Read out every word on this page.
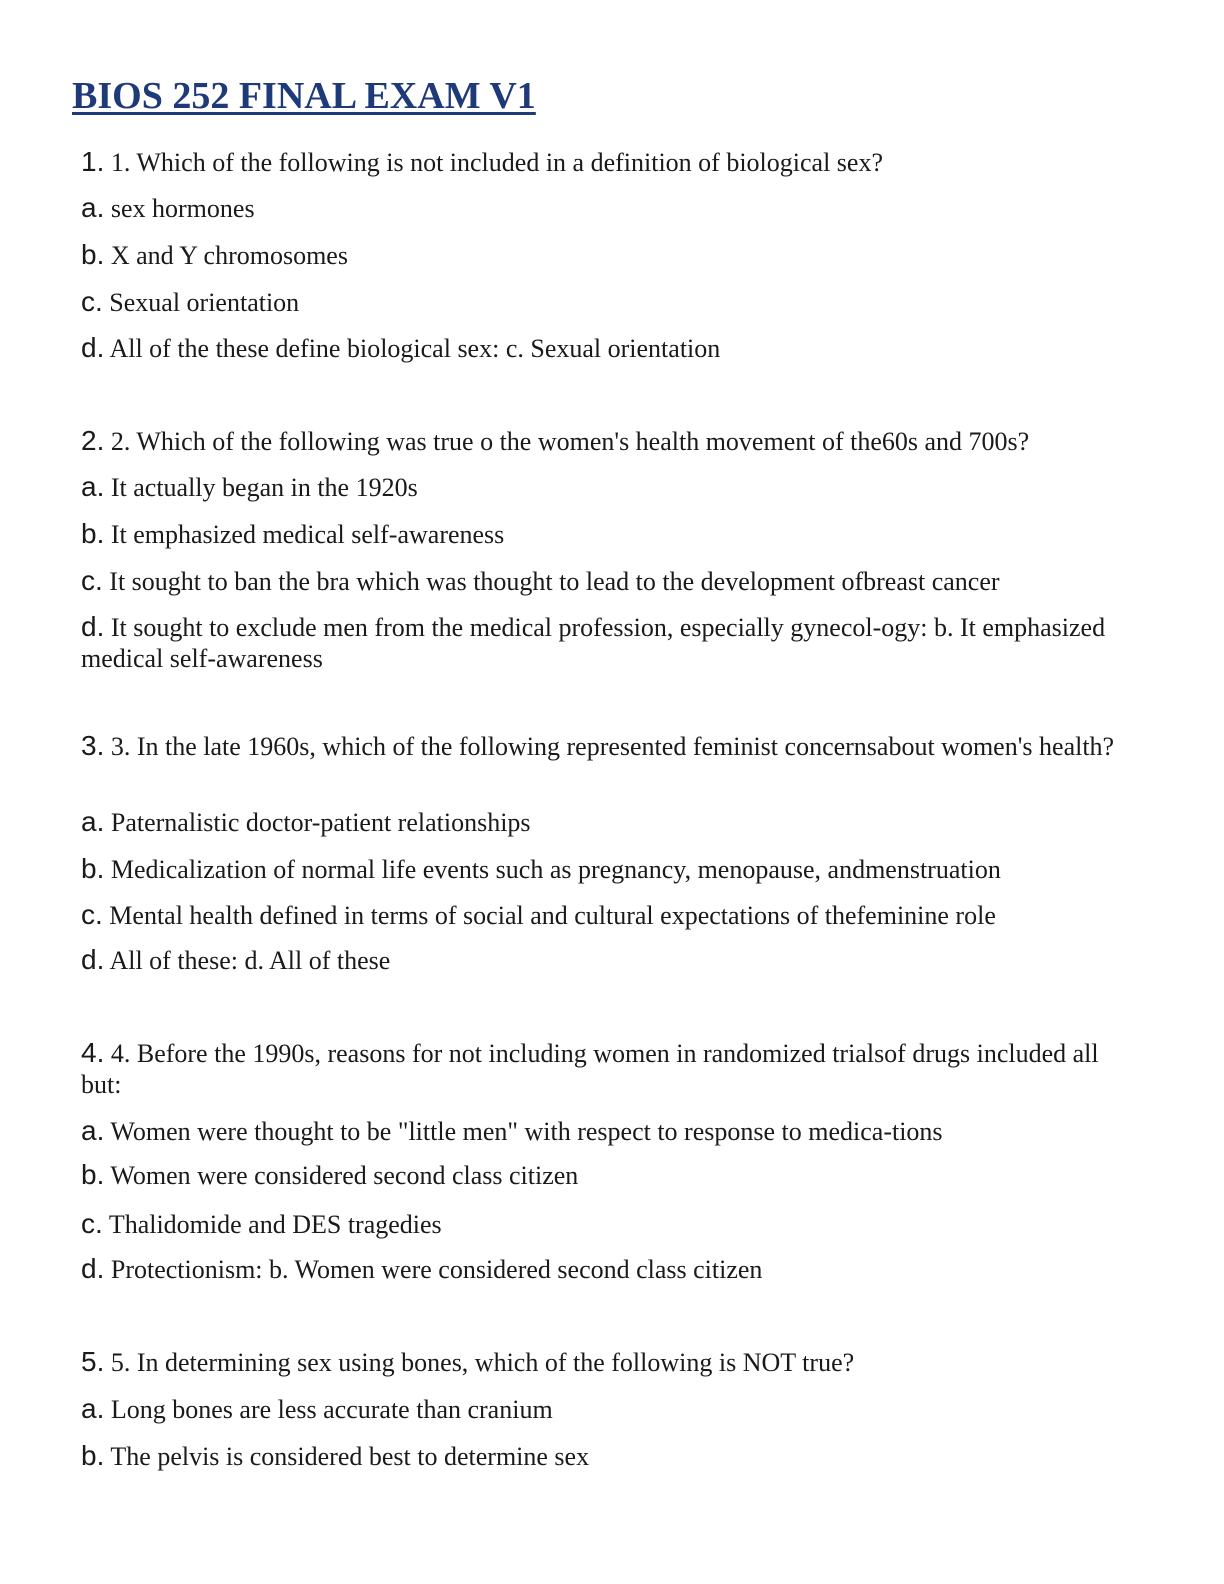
BIOS 252 FINAL EXAM V1
1. 1. Which of the following is not included in a definition of biological sex?
a. sex hormones
b. X and Y chromosomes
c. Sexual orientation
d. All of the these define biological sex: c. Sexual orientation
2. 2. Which of the following was true o the women's health movement of the60s and 700s?
a. It actually began in the 1920s
b. It emphasized medical self-awareness
c. It sought to ban the bra which was thought to lead to the development ofbreast cancer
d. It sought to exclude men from the medical profession, especially gynecol-ogy: b. It emphasized medical self-awareness
3. 3. In the late 1960s, which of the following represented feminist concernsabout women's health?
a. Paternalistic doctor-patient relationships
b. Medicalization of normal life events such as pregnancy, menopause, andmenstruation
c. Mental health defined in terms of social and cultural expectations of thefeminine role
d. All of these: d. All of these
4. 4. Before the 1990s, reasons for not including women in randomized trialsof drugs included all but:
a. Women were thought to be "little men" with respect to response to medica-tions
b. Women were considered second class citizen
c. Thalidomide and DES tragedies
d. Protectionism: b. Women were considered second class citizen
5. 5. In determining sex using bones, which of the following is NOT true?
a. Long bones are less accurate than cranium
b. The pelvis is considered best to determine sex
